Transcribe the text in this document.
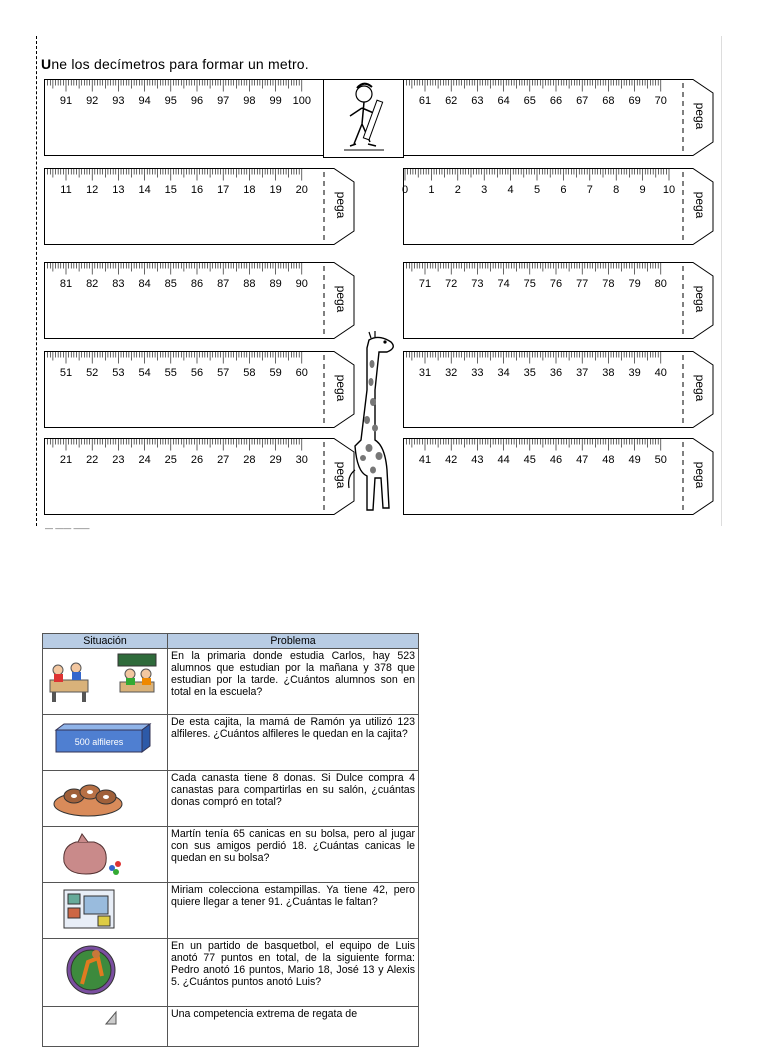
Une los decímetros para formar un metro.
91	92	93	94	95	96	97	98	99 100	61	62	63	64	65	66	67	68	69	70
pega
11	12	13	14	15	16	17	18	19	20
pega
0	1	2	3	4	5	6	7	8	9	10
pega
81	82	83	84	85	86	87	88	89	90
pega
71	72	73	74	75	76	77	78	79	80
pega
51	52	53	54	55	56	57	58	59	60
pega
31	32	33	34	35	36	37	38	39	40
pega
21	22	23	24	25	26	27	28	29	30
pega
41	42	43	44	45	46	47	48	49	50
pega
— —— ——
Situación	Problema
	En la primaria donde estudia Carlos, hay 523 alumnos que estudian por la mañana y 378 que estudian por la tarde. ¿Cuántos alumnos son en total en la escuela?

500 alfileres	De esta cajita, la mamá de Ramón ya utilizó 123 alfileres. ¿Cuántos alfileres le quedan en la cajita?
	Cada canasta tiene 8 donas. Si Dulce compra 4 canastas para compartirlas en su salón, ¿cuántas donas compró en total?
	Martín tenía 65 canicas en su bolsa, pero al jugar con sus amigos perdió 18. ¿Cuántas canicas le quedan en su bolsa?
	Miriam colecciona estampillas. Ya tiene 42, pero quiere llegar a tener 91. ¿Cuántas le faltan?
	En un partido de basquetbol, el equipo de Luis anotó 77 puntos en total, de la siguiente forma: Pedro anotó 16 puntos, Mario 18, José 13 y Alexis 5. ¿Cuántos puntos anotó Luis?
	Una competencia extrema de regata de
